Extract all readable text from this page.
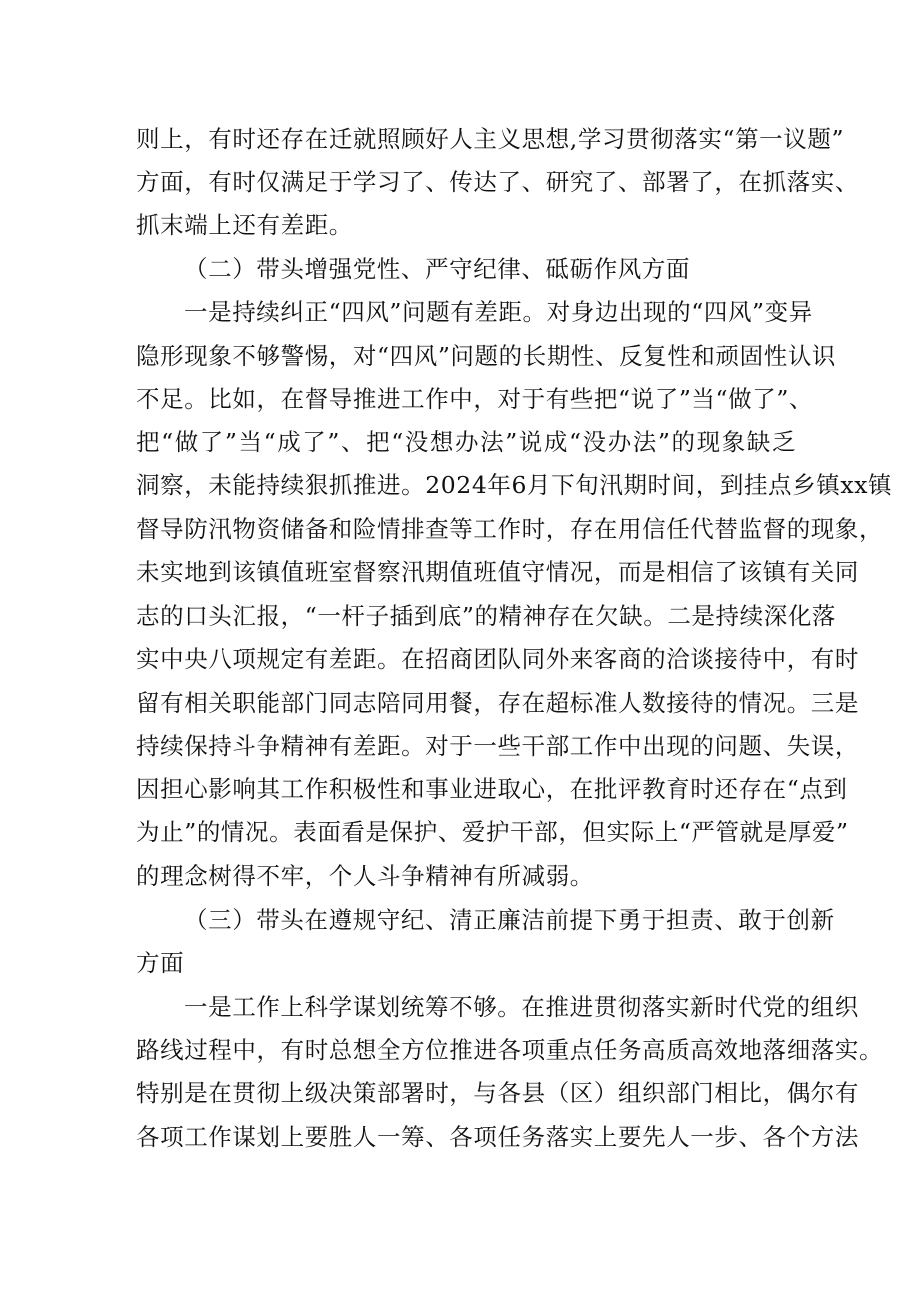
则上，有时还存在迁就照顾好人主义思想,学习贯彻落实“第一议题”
方面，有时仅满足于学习了、传达了、研究了、部署了，在抓落实、
抓末端上还有差距。
（二）带头增强党性、严守纪律、砥砺作风方面
一是持续纠正“四风”问题有差距。对身边出现的“四风”变异
隐形现象不够警惕，对“四风”问题的长期性、反复性和顽固性认识
不足。比如，在督导推进工作中，对于有些把“说了”当“做了”、
把“做了”当“成了”、把“没想办法”说成“没办法”的现象缺乏
洞察，未能持续狠抓推进。2024年6月下旬汛期时间，到挂点乡镇xx镇
督导防汛物资储备和险情排查等工作时，存在用信任代替监督的现象，
未实地到该镇值班室督察汛期值班值守情况，而是相信了该镇有关同
志的口头汇报，“一杆子插到底”的精神存在欠缺。二是持续深化落
实中央八项规定有差距。在招商团队同外来客商的洽谈接待中，有时
留有相关职能部门同志陪同用餐，存在超标准人数接待的情况。三是
持续保持斗争精神有差距。对于一些干部工作中出现的问题、失误，
因担心影响其工作积极性和事业进取心，在批评教育时还存在“点到
为止”的情况。表面看是保护、爱护干部，但实际上“严管就是厚爱”
的理念树得不牢，个人斗争精神有所减弱。
（三）带头在遵规守纪、清正廉洁前提下勇于担责、敢于创新
方面
一是工作上科学谋划统筹不够。在推进贯彻落实新时代党的组织
路线过程中，有时总想全方位推进各项重点任务高质高效地落细落实。
特别是在贯彻上级决策部署时，与各县（区）组织部门相比，偶尔有
各项工作谋划上要胜人一筹、各项任务落实上要先人一步、各个方法
